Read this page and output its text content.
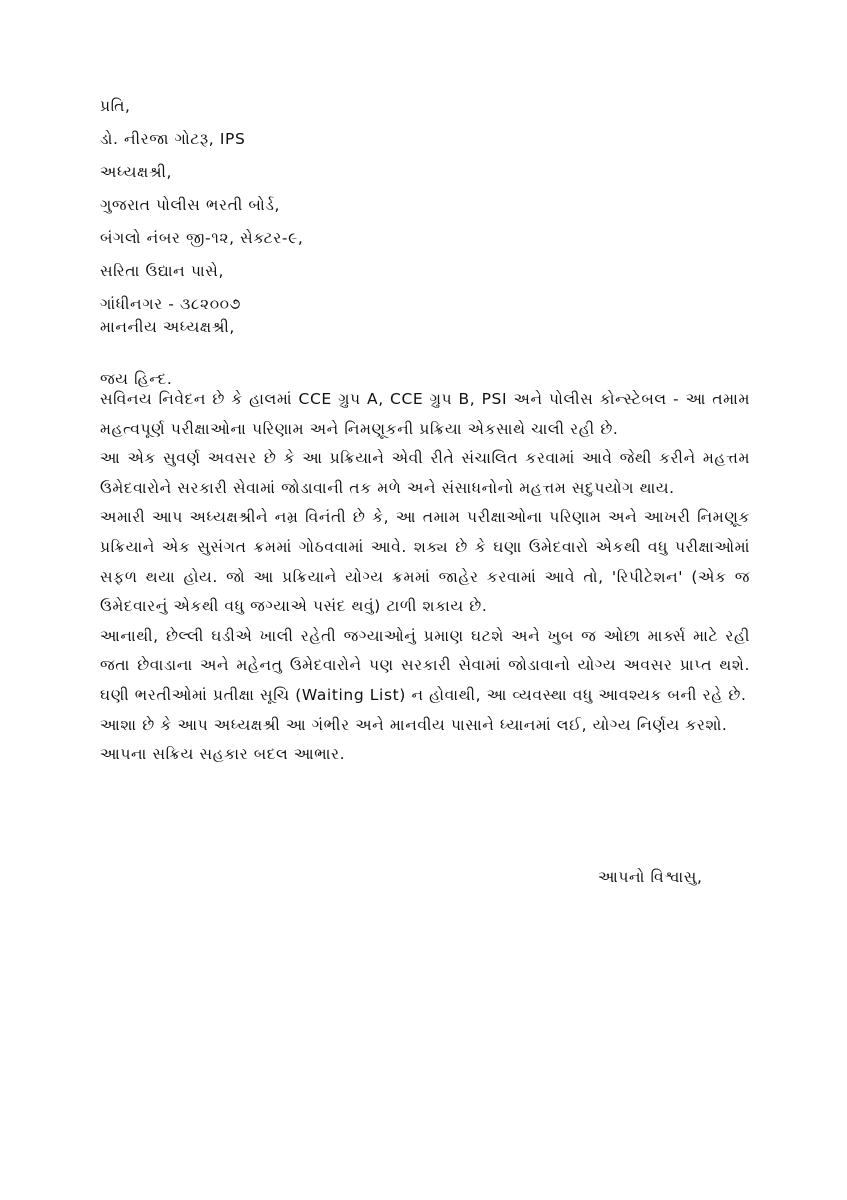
પ્રતિ,
ડો. નીરજા ગોટરૂ, IPS
અધ્યક્ષશ્રી,
ગુજરાત પોલીસ ભરતી બોર્ડ,
બંગલો નંબર જી-૧૨, સેક્ટર-૯,
સરિતા ઉદ્યાન પાસે,
ગાંધીનગર - ૩૮૨૦૦૭
માનનીય અધ્યક્ષશ્રી,
જય હિન્દ.

સવિનય નિવેદન છે કે હાલમાં CCE ગ્રુપ A, CCE ગ્રુપ B, PSI અને પોલીસ કોન્સ્ટેબલ - આ તમામ મહત્વપૂર્ણ પરીક્ષાઓના પરિણામ અને નિમણૂકની પ્રક્રિયા એકસાથે ચાલી રહી છે.

આ એક સુવર્ણ અવસર છે કે આ પ્રક્રિયાને એવી રીતે સંચાલિત કરવામાં આવે જેથી કરીને મહત્તમ ઉમેદવારોને સરકારી સેવામાં જોડાવાની તક મળે અને સંસાધનોનો મહત્તમ સદુપયોગ થાય.

અમારી આપ અધ્યક્ષશ્રીને નમ્ર વિનંતી છે કે, આ તમામ પરીક્ષાઓના પરિણામ અને આખરી નિમણૂક પ્રક્રિયાને એક સુસંગત ક્રમમાં ગોઠવવામાં આવે. શક્ય છે કે ઘણા ઉમેદવારો એકથી વધુ પરીક્ષાઓમાં સફળ થયા હોય. જો આ પ્રક્રિયાને યોગ્ય ક્રમમાં જાહેર કરવામાં આવે તો, 'રિપીટેશન' (એક જ ઉમેદવારનું એકથી વધુ જગ્યાએ પસંદ થવું) ટાળી શકાય છે.

આનાથી, છેલ્લી ઘડીએ ખાલી રહેતી જગ્યાઓનું પ્રમાણ ઘટશે અને ખુબ જ ઓછા માર્ક્સ માટે રહી જતા છેવાડાના અને મહેનતુ ઉમેદવારોને પણ સરકારી સેવામાં જોડાવાનો યોગ્ય અવસર પ્રાપ્ત થશે. ઘણી ભરતીઓમાં પ્રતીક્ષા સૂચિ (Waiting List) ન હોવાથી, આ વ્યવસ્થા વધુ આવશ્યક બની રહે છે.

આશા છે કે આપ અધ્યક્ષશ્રી આ ગંભીર અને માનવીય પાસાને ધ્યાનમાં લઈ, યોગ્ય નિર્ણય કરશો.

આપના સક્રિય સહકાર બદલ આભાર.

આપનો વિશ્વાસુ,
